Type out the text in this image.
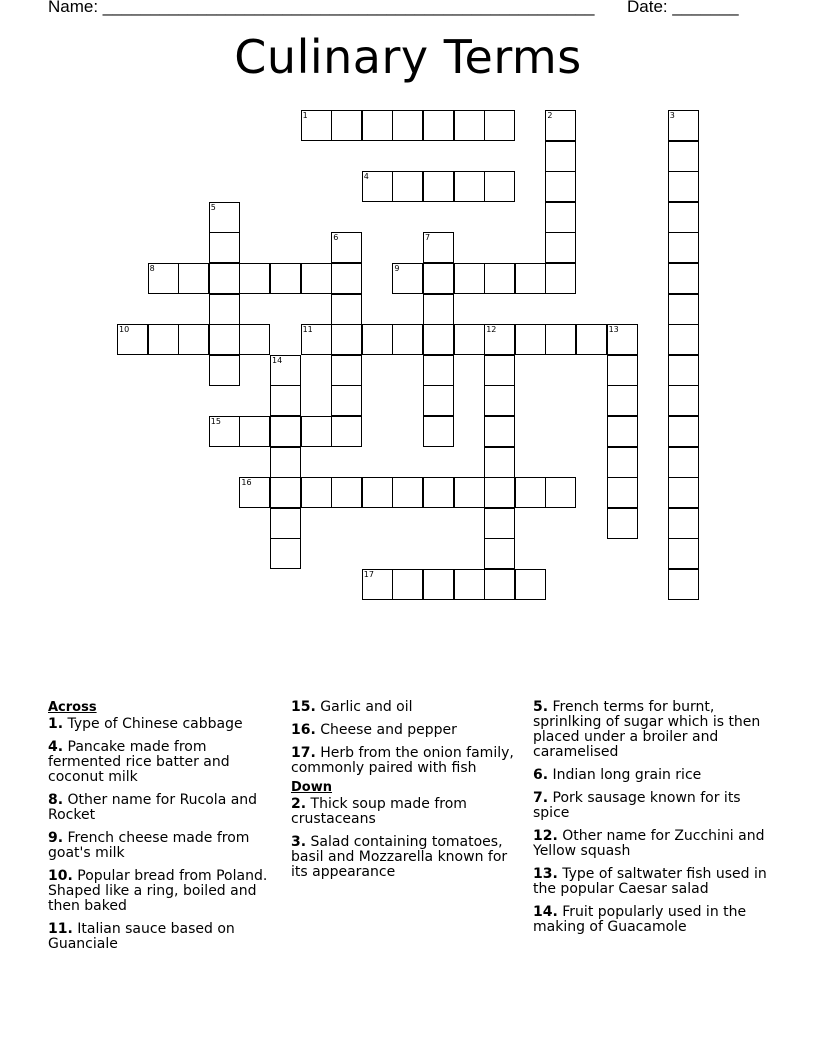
Name: ____________________________________________________ Date: _______
Culinary Terms
1	2	3
4
5
6	7
8	9
10	11	12	13
14
15
16
17
Across
1. Type of Chinese cabbage
4. Pancake made from fermented rice batter and coconut milk
8. Other name for Rucola and Rocket
9. French cheese made from goat's milk
10. Popular bread from Poland. Shaped like a ring, boiled and then baked
11. Italian sauce based on Guanciale
15. Garlic and oil
16. Cheese and pepper
17. Herb from the onion family, commonly paired with fish
Down
2. Thick soup made from crustaceans
3. Salad containing tomatoes, basil and Mozzarella known for its appearance
5. French terms for burnt, sprinlking of sugar which is then placed under a broiler and caramelised
6. Indian long grain rice
7. Pork sausage known for its spice
12. Other name for Zucchini and Yellow squash
13. Type of saltwater fish used in the popular Caesar salad
14. Fruit popularly used in the making of Guacamole
